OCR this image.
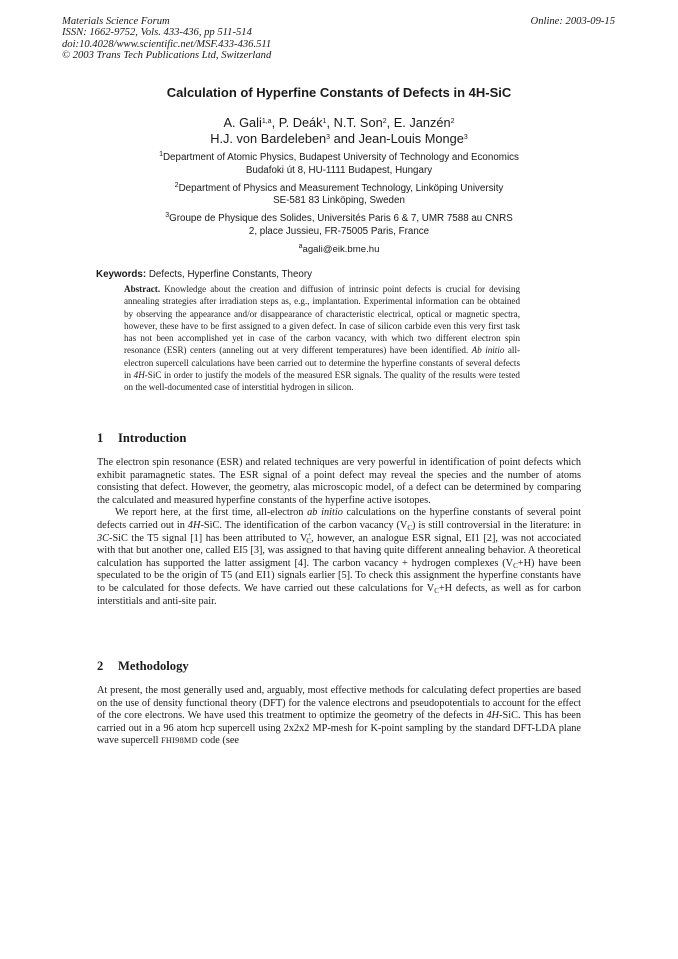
Materials Science Forum
ISSN: 1662-9752, Vols. 433-436, pp 511-514
doi:10.4028/www.scientific.net/MSF.433-436.511
© 2003 Trans Tech Publications Ltd, Switzerland
Online: 2003-09-15
Calculation of Hyperfine Constants of Defects in 4H-SiC
A. Gali$^{1,a}$, P. Deák$^1$, N.T. Son$^2$, E. Janzén$^2$
H.J. von Bardeleben$^3$ and Jean-Louis Monge$^3$
$^1$Department of Atomic Physics, Budapest University of Technology and Economics
Budafoki út 8, HU-1111 Budapest, Hungary
$^2$Department of Physics and Measurement Technology, Linköping University
SE-581 83 Linköping, Sweden
$^3$Groupe de Physique des Solides, Universités Paris 6 & 7, UMR 7588 au CNRS
2, place Jussieu, FR-75005 Paris, France
$^a$agali@eik.bme.hu
Keywords: Defects, Hyperfine Constants, Theory
Abstract. Knowledge about the creation and diffusion of intrinsic point defects is crucial for devising annealing strategies after irradiation steps as, e.g., implantation. Experimental information can be obtained by observing the appearance and/or disappearance of characteristic electrical, optical or magnetic spectra, however, these have to be first assigned to a given defect. In case of silicon carbide even this very first task has not been accomplished yet in case of the carbon vacancy, with which two different electron spin resonance (ESR) centers (anneling out at very different temperatures) have been identified. Ab initio all-electron supercell calculations have been carried out to determine the hyperfine constants of several defects in 4H-SiC in order to justify the models of the measured ESR signals. The quality of the results were tested on the well-documented case of interstitial hydrogen in silicon.
1 Introduction

The electron spin resonance (ESR) and related techniques are very powerful in identification of point defects which exhibit paramagnetic states. The ESR signal of a point defect may reveal the species and the number of atoms consisting that defect. However, the geometry, alas microscopic model, of a defect can be determined by comparing the calculated and measured hyperfine constants of the hyperfine active isotopes.

We report here, at the first time, all-electron ab initio calculations on the hyperfine constants of several point defects carried out in 4H-SiC. The identification of the carbon vacancy $(V_C)$ is still controversial in the literature: in 3C-SiC the T5 signal [1] has been attributed to $V^+_C$, however, an analogue ESR signal, EI1 [2], was not accociated with that but another one, called EI5 [3], was assigned to that having quite different annealing behavior. A theoretical calculation has supported the latter assigment [4]. The carbon vacancy + hydrogen complexes $(V_C+H)$ have been speculated to be the origin of T5 (and EI1) signals earlier [5]. To check this assignment the hyperfine constants have to be calculated for those defects. We have carried out these calculations for $V_C+H$ defects, as well as for carbon interstitials and anti-site pair.

2 Methodology

At present, the most generally used and, arguably, most effective methods for calculating defect properties are based on the use of density functional theory (DFT) for the valence electrons and pseudopotentials to account for the effect of the core electrons. We have used this treatment to optimize the geometry of the defects in 4H-SiC. This has been carried out in a 96 atom hcp supercell using 2x2x2 MP-mesh for K-point sampling by the standard DFT-LDA plane wave supercell FHI98MD code (see
